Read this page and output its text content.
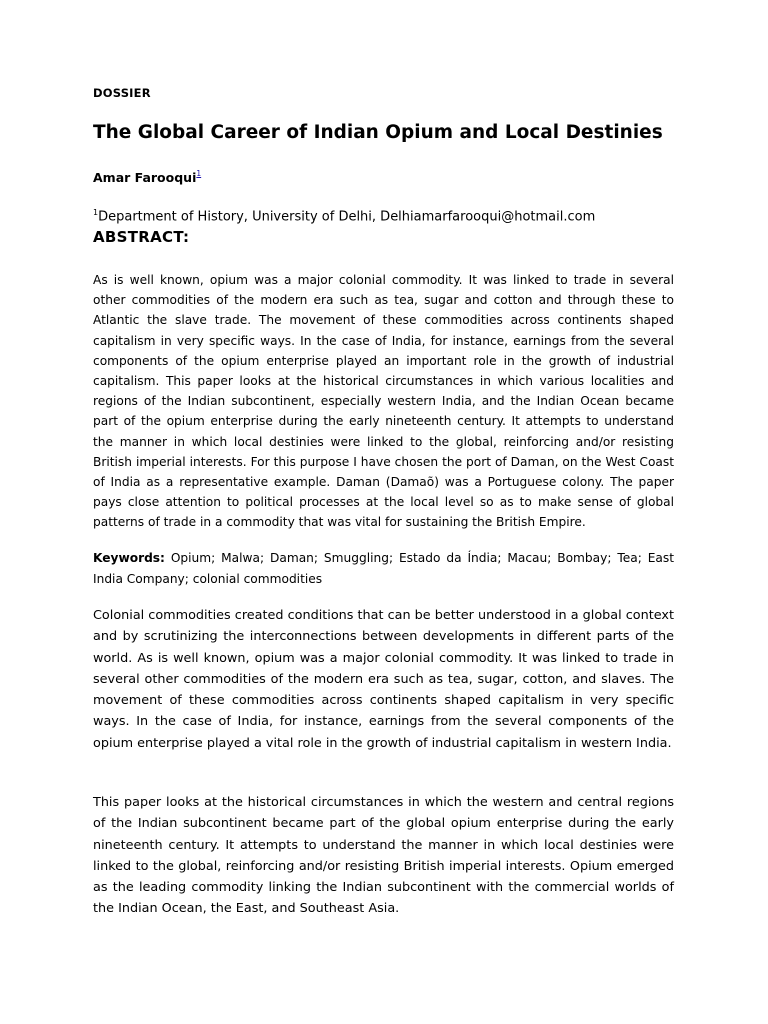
DOSSIER
The Global Career of Indian Opium and Local Destinies
Amar Farooqui$^1$
$^1$Department of History, University of Delhi, Delhiamarfarooqui@hotmail.com
ABSTRACT:
As is well known, opium was a major colonial commodity. It was linked to trade in several other commodities of the modern era such as tea, sugar and cotton and through these to Atlantic the slave trade. The movement of these commodities across continents shaped capitalism in very specific ways. In the case of India, for instance, earnings from the several components of the opium enterprise played an important role in the growth of industrial capitalism. This paper looks at the historical circumstances in which various localities and regions of the Indian subcontinent, especially western India, and the Indian Ocean became part of the opium enterprise during the early nineteenth century. It attempts to understand the manner in which local destinies were linked to the global, reinforcing and/or resisting British imperial interests. For this purpose I have chosen the port of Daman, on the West Coast of India as a representative example. Daman (Damaõ) was a Portuguese colony. The paper pays close attention to political processes at the local level so as to make sense of global patterns of trade in a commodity that was vital for sustaining the British Empire.
Keywords: Opium; Malwa; Daman; Smuggling; Estado da Índia; Macau; Bombay; Tea; East India Company; colonial commodities
Colonial commodities created conditions that can be better understood in a global context and by scrutinizing the interconnections between developments in different parts of the world. As is well known, opium was a major colonial commodity. It was linked to trade in several other commodities of the modern era such as tea, sugar, cotton, and slaves. The movement of these commodities across continents shaped capitalism in very specific ways. In the case of India, for instance, earnings from the several components of the opium enterprise played a vital role in the growth of industrial capitalism in western India.
This paper looks at the historical circumstances in which the western and central regions of the Indian subcontinent became part of the global opium enterprise during the early nineteenth century. It attempts to understand the manner in which local destinies were linked to the global, reinforcing and/or resisting British imperial interests. Opium emerged as the leading commodity linking the Indian subcontinent with the commercial worlds of the Indian Ocean, the East, and Southeast Asia.
